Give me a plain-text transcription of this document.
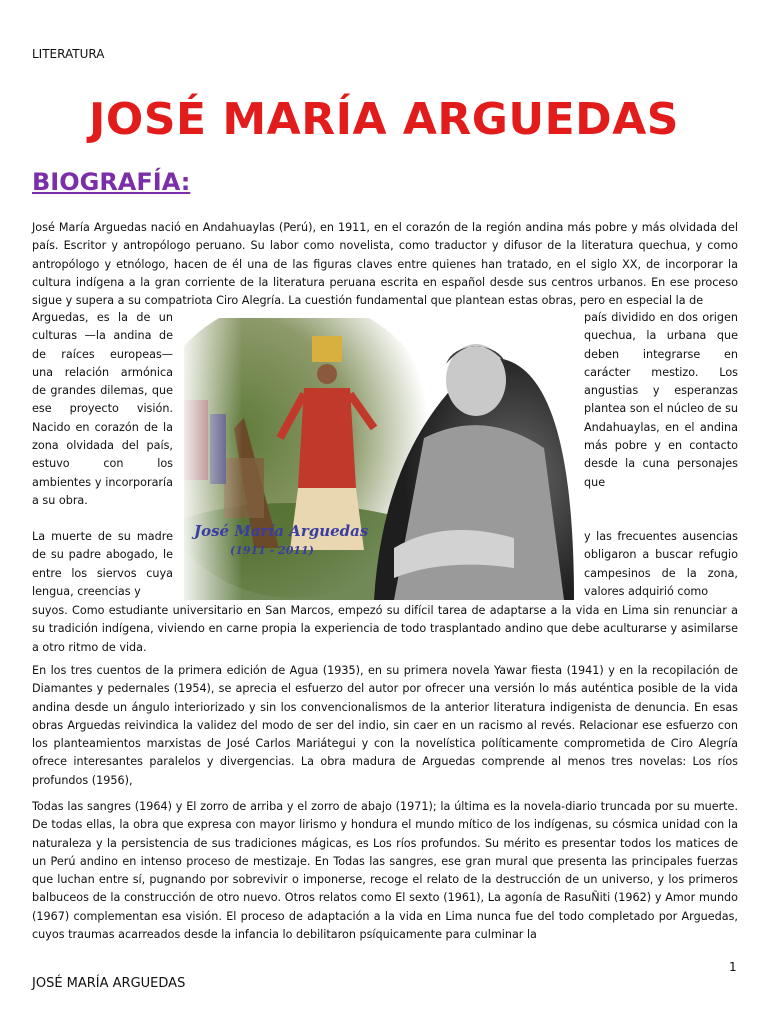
LITERATURA
JOSÉ MARÍA ARGUEDAS
BIOGRAFÍA:

José María Arguedas nació en Andahuaylas (Perú), en 1911, en el corazón de la región andina más pobre y más olvidada del país. Escritor y antropólogo peruano. Su labor como novelista, como traductor y difusor de la literatura quechua, y como antropólogo y etnólogo, hacen de él una de las figuras claves entre quienes han tratado, en el siglo XX, de incorporar la cultura indígena a la gran corriente de la literatura peruana escrita en español desde sus centros urbanos. En ese proceso sigue y supera a su compatriota Ciro Alegría. La cuestión fundamental que plantean estas obras, pero en especial la de

Arguedas, es la de un culturas —la andina de de raíces europeas— una relación armónica de grandes dilemas, que ese proyecto visión. Nacido en corazón de la zona olvidada del país, estuvo con los ambientes y incorporaría a su obra.

país dividido en dos origen quechua, la urbana que deben integrarse en carácter mestizo. Los angustias y esperanzas plantea son el núcleo de su Andahuaylas, en el andina más pobre y en contacto desde la cuna personajes que

José María Arguedas
(1911 - 2011)

La muerte de su madre de su padre abogado, le entre los siervos cuya lengua, creencias y

y las frecuentes ausencias obligaron a buscar refugio campesinos de la zona, valores adquirió como

suyos. Como estudiante universitario en San Marcos, empezó su difícil tarea de adaptarse a la vida en Lima sin renunciar a su tradición indígena, viviendo en carne propia la experiencia de todo trasplantado andino que debe aculturarse y asimilarse a otro ritmo de vida.

En los tres cuentos de la primera edición de Agua (1935), en su primera novela Yawar fiesta (1941) y en la recopilación de Diamantes y pedernales (1954), se aprecia el esfuerzo del autor por ofrecer una versión lo más auténtica posible de la vida andina desde un ángulo interiorizado y sin los convencionalismos de la anterior literatura indigenista de denuncia. En esas obras Arguedas reivindica la validez del modo de ser del indio, sin caer en un racismo al revés. Relacionar ese esfuerzo con los planteamientos marxistas de José Carlos Mariátegui y con la novelística políticamente comprometida de Ciro Alegría ofrece interesantes paralelos y divergencias. La obra madura de Arguedas comprende al menos tres novelas: Los ríos profundos (1956),

Todas las sangres (1964) y El zorro de arriba y el zorro de abajo (1971); la última es la novela-diario truncada por su muerte. De todas ellas, la obra que expresa con mayor lirismo y hondura el mundo mítico de los indígenas, su cósmica unidad con la naturaleza y la persistencia de sus tradiciones mágicas, es Los ríos profundos. Su mérito es presentar todos los matices de un Perú andino en intenso proceso de mestizaje. En Todas las sangres, ese gran mural que presenta las principales fuerzas que luchan entre sí, pugnando por sobrevivir o imponerse, recoge el relato de la destrucción de un universo, y los primeros balbuceos de la construcción de otro nuevo. Otros relatos como El sexto (1961), La agonía de RasuÑiti (1962) y Amor mundo (1967) complementan esa visión. El proceso de adaptación a la vida en Lima nunca fue del todo completado por Arguedas, cuyos traumas acarreados desde la infancia lo debilitaron psíquicamente para culminar la

1
JOSÉ MARÍA ARGUEDAS
